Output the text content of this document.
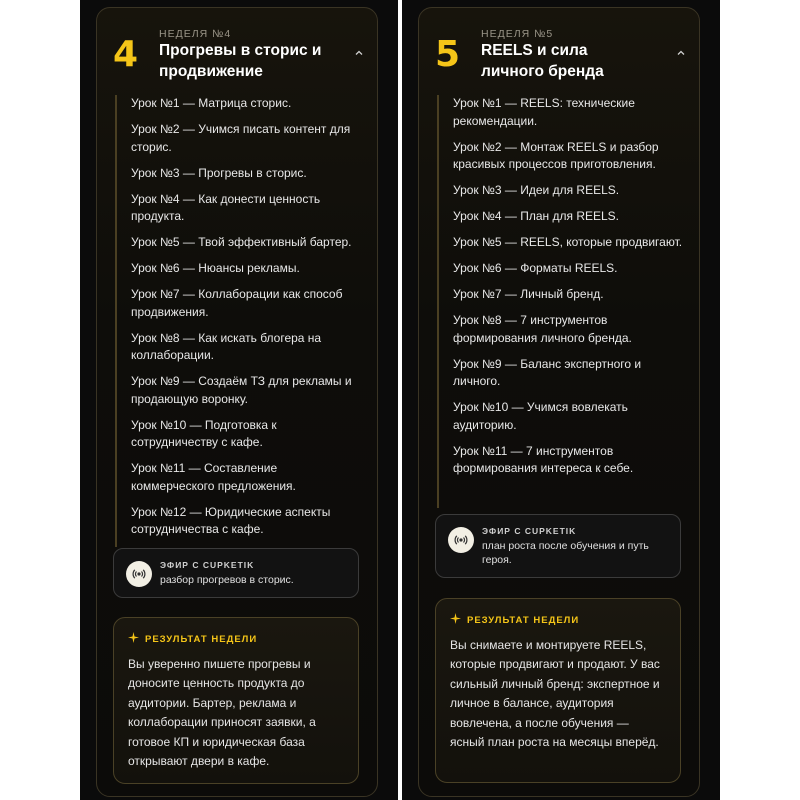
4 НЕДЕЛЯ №4
Прогревы в сторис и продвижение
Урок №1 — Матрица сторис.
Урок №2 — Учимся писать контент для сторис.
Урок №3 — Прогревы в сторис.
Урок №4 — Как донести ценность продукта.
Урок №5 — Твой эффективный бартер.
Урок №6 — Нюансы рекламы.
Урок №7 — Коллаборации как способ продвижения.
Урок №8 — Как искать блогера на коллаборации.
Урок №9 — Создаём ТЗ для рекламы и продающую воронку.
Урок №10 — Подготовка к сотрудничеству с кафе.
Урок №11 — Составление коммерческого предложения.
Урок №12 — Юридические аспекты сотрудничества с кафе.
ЭФИР С CUPKETIK
разбор прогревов в сторис.
РЕЗУЛЬТАТ НЕДЕЛИ
Вы уверенно пишете прогревы и доносите ценность продукта до аудитории. Бартер, реклама и коллаборации приносят заявки, а готовое КП и юридическая база открывают двери в кафе.
5 НЕДЕЛЯ №5
REELS и сила личного бренда
Урок №1 — REELS: технические рекомендации.
Урок №2 — Монтаж REELS и разбор красивых процессов приготовления.
Урок №3 — Идеи для REELS.
Урок №4 — План для REELS.
Урок №5 — REELS, которые продвигают.
Урок №6 — Форматы REELS.
Урок №7 — Личный бренд.
Урок №8 — 7 инструментов формирования личного бренда.
Урок №9 — Баланс экспертного и личного.
Урок №10 — Учимся вовлекать аудиторию.
Урок №11 — 7 инструментов формирования интереса к себе.
ЭФИР С CUPKETIK
план роста после обучения и путь героя.
РЕЗУЛЬТАТ НЕДЕЛИ
Вы снимаете и монтируете REELS, которые продвигают и продают. У вас сильный личный бренд: экспертное и личное в балансе, аудитория вовлечена, а после обучения — ясный план роста на месяцы вперёд.
